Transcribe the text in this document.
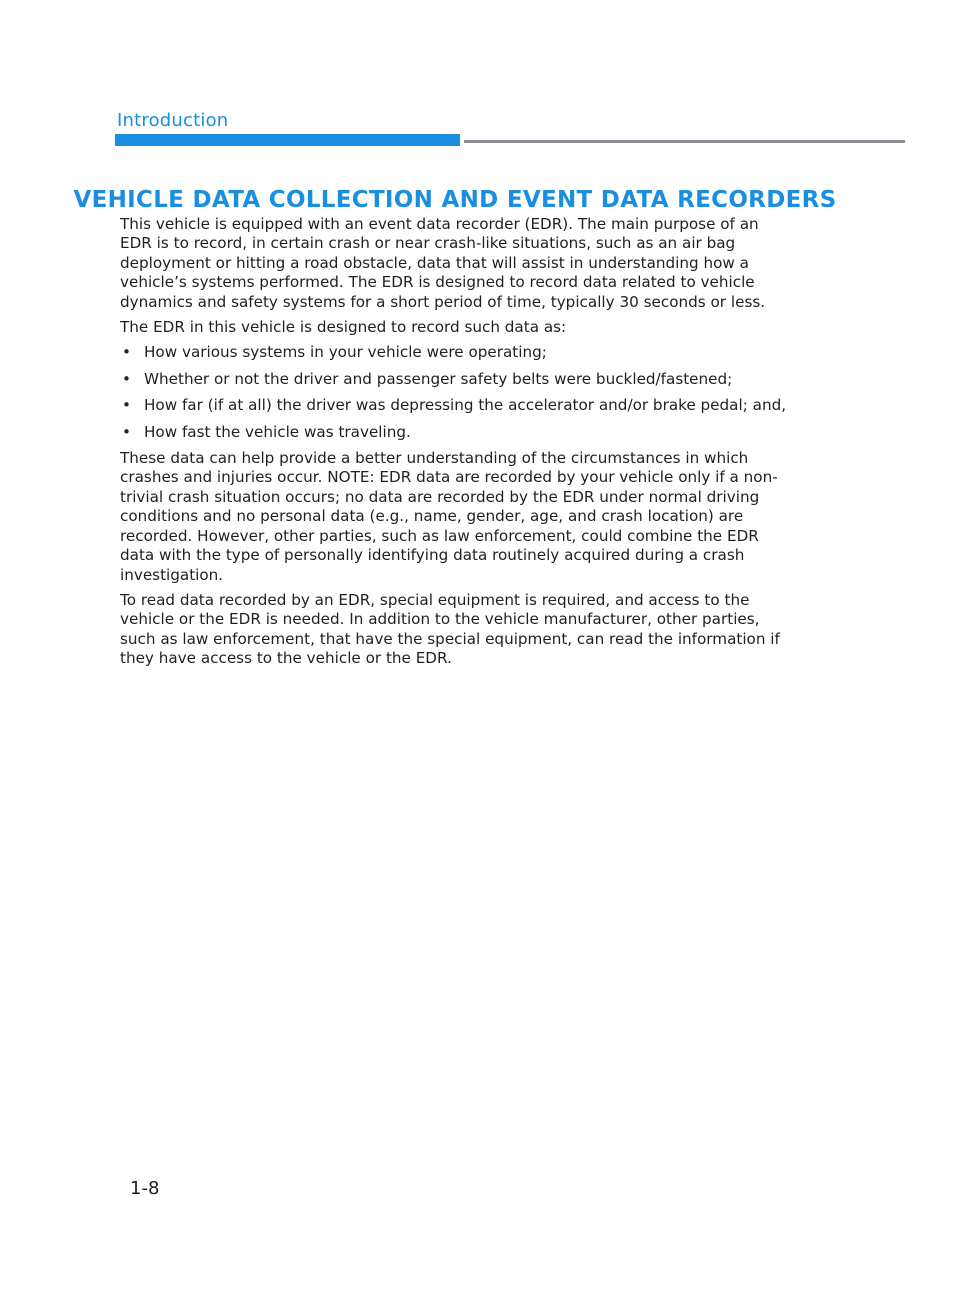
Introduction
VEHICLE DATA COLLECTION AND EVENT DATA RECORDERS

This vehicle is equipped with an event data recorder (EDR). The main purpose of an EDR is to record, in certain crash or near crash-like situations, such as an air bag deployment or hitting a road obstacle, data that will assist in understanding how a vehicle’s systems performed. The EDR is designed to record data related to vehicle dynamics and safety systems for a short period of time, typically 30 seconds or less.

The EDR in this vehicle is designed to record such data as:

• How various systems in your vehicle were operating;
• Whether or not the driver and passenger safety belts were buckled/fastened;
• How far (if at all) the driver was depressing the accelerator and/or brake pedal; and,
• How fast the vehicle was traveling.

These data can help provide a better understanding of the circumstances in which crashes and injuries occur. NOTE: EDR data are recorded by your vehicle only if a non-trivial crash situation occurs; no data are recorded by the EDR under normal driving conditions and no personal data (e.g., name, gender, age, and crash location) are recorded. However, other parties, such as law enforcement, could combine the EDR data with the type of personally identifying data routinely acquired during a crash investigation.

To read data recorded by an EDR, special equipment is required, and access to the vehicle or the EDR is needed. In addition to the vehicle manufacturer, other parties, such as law enforcement, that have the special equipment, can read the information if they have access to the vehicle or the EDR.

1-8
